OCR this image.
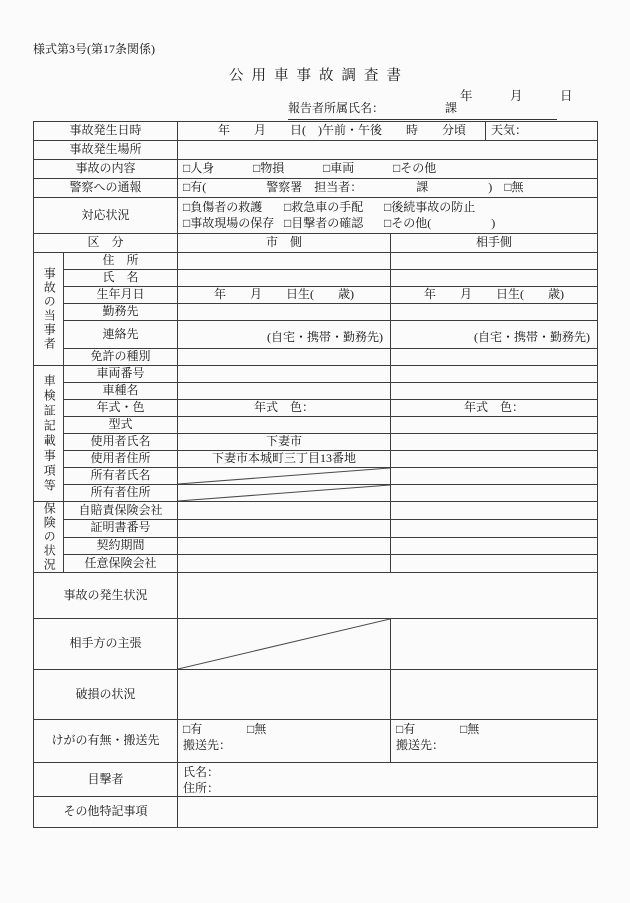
様式第3号(第17条関係)
公用車事故調査書
年　　　月　　　日
報告者所属氏名：	課
事故発生日時		年　　月　　日(　)午前・午後　　時　　分頃		天気：
事故発生場所				
事故の内容		□人身 □物損 □車両 □その他		

警察への通報		□有(　　　　　警察署　担当者：　　　　　課　　　　　)　□無		
対応状況	
□負傷者の救護	□救急車の手配	□後続事故の防止
□事故現場の保存 □目撃者の確認	□その他(　　　　　)

区　分		市　側	相手側	
事故の当事者	住　所			
	氏　名			
	生年月日	年　　月　　日生(　　歳)	年　　月　　日生(　　歳)	
	勤務先			
	連絡先	(自宅・携帯・勤務先)	(自宅・携帯・勤務先)	
	免許の種別			
車検証記載事項等	車両番号			
	車種名			
	年式・色	年式　色：	年式　色：	
	型式			
	使用者氏名	下妻市		
	使用者住所	下妻市本城町三丁目13番地		
	所有者氏名	

	所有者住所	

保険の状況	自賠責保険会社			
	証明書番号			
	契約期間			
	任意保険会社			
事故の発生状況				
相手方の主張	

破損の状況				
けがの有無・搬送先	
□有	□無
搬送先：

□有	□無
搬送先：

目撃者		氏名：
住所：		

その他特記事項				
